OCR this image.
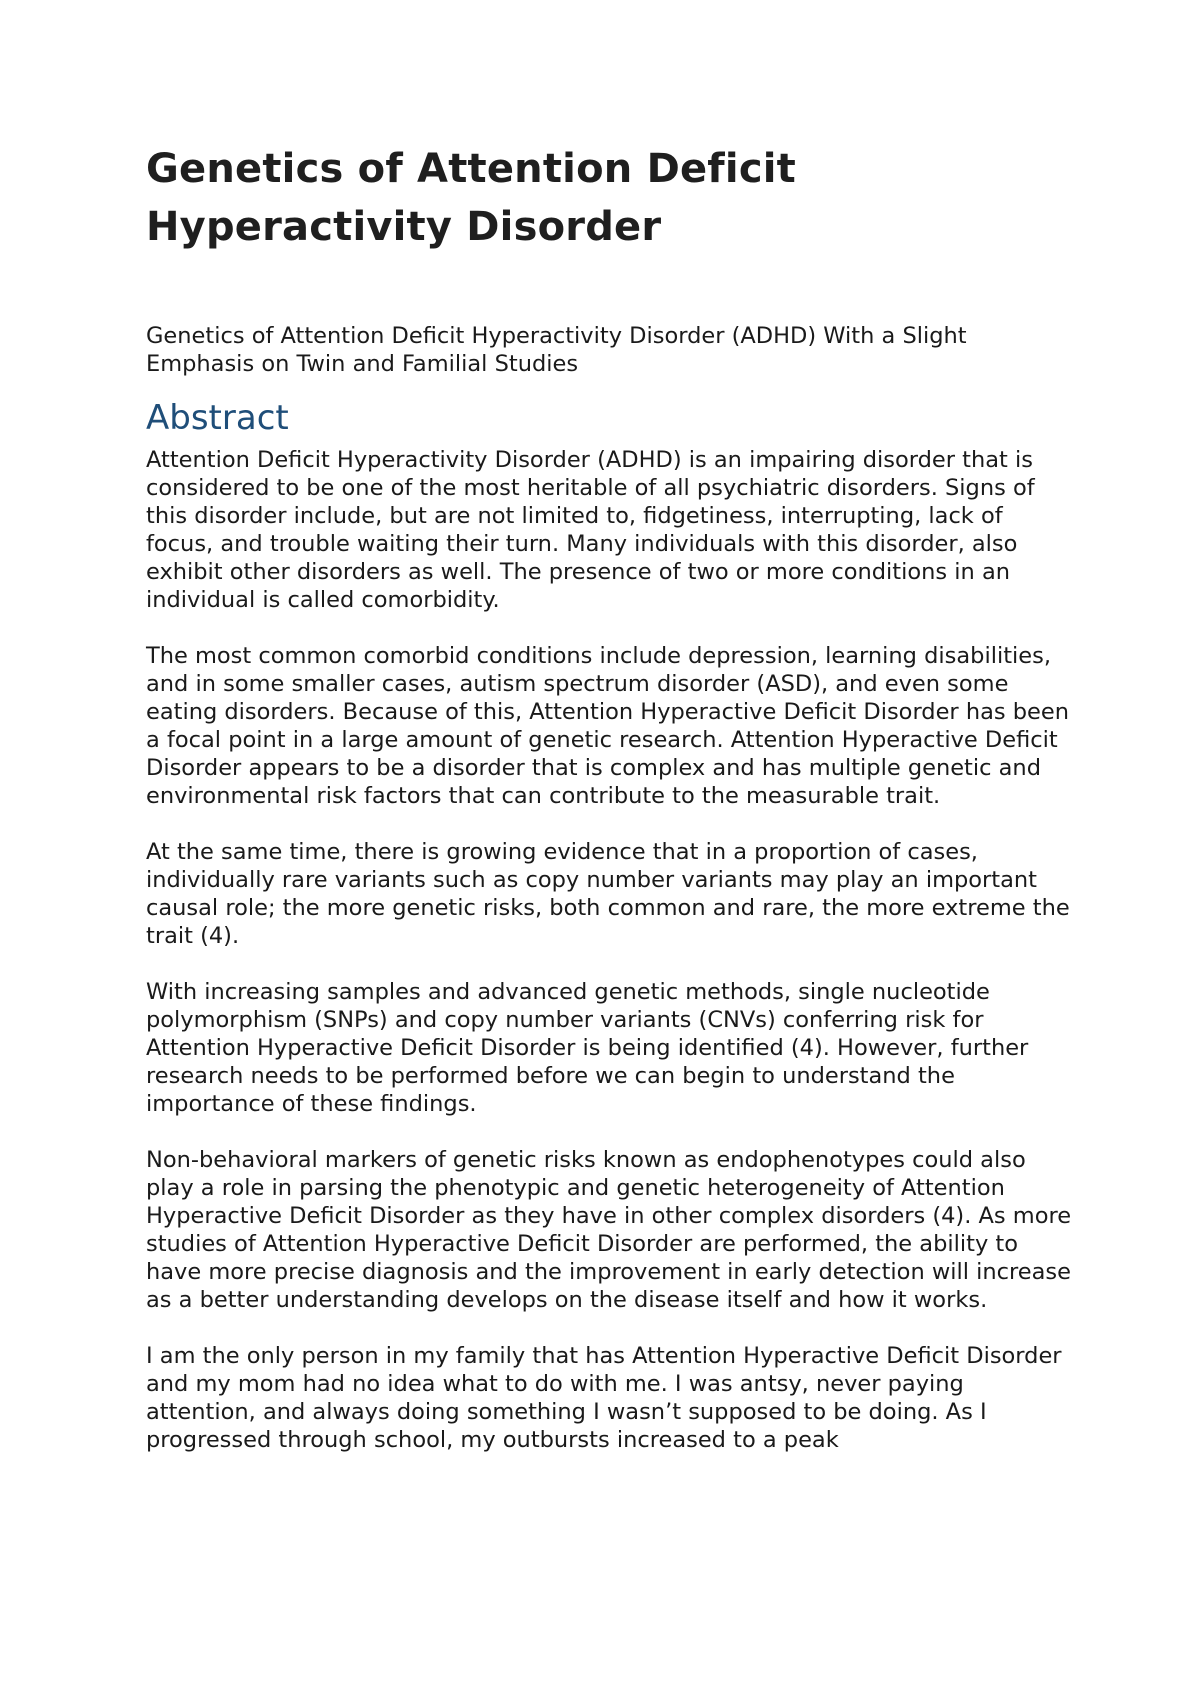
Genetics of Attention Deficit
Hyperactivity Disorder

Genetics of Attention Deficit Hyperactivity Disorder (ADHD) With a Slight Emphasis on Twin and Familial Studies

Abstract

Attention Deficit Hyperactivity Disorder (ADHD) is an impairing disorder that is considered to be one of the most heritable of all psychiatric disorders. Signs of this disorder include, but are not limited to, fidgetiness, interrupting, lack of focus, and trouble waiting their turn. Many individuals with this disorder, also exhibit other disorders as well. The presence of two or more conditions in an individual is called comorbidity.

The most common comorbid conditions include depression, learning disabilities, and in some smaller cases, autism spectrum disorder (ASD), and even some eating disorders. Because of this, Attention Hyperactive Deficit Disorder has been a focal point in a large amount of genetic research. Attention Hyperactive Deficit Disorder appears to be a disorder that is complex and has multiple genetic and environmental risk factors that can contribute to the measurable trait.

At the same time, there is growing evidence that in a proportion of cases, individually rare variants such as copy number variants may play an important causal role; the more genetic risks, both common and rare, the more extreme the trait (4).

With increasing samples and advanced genetic methods, single nucleotide polymorphism (SNPs) and copy number variants (CNVs) conferring risk for Attention Hyperactive Deficit Disorder is being identified (4). However, further research needs to be performed before we can begin to understand the importance of these findings.

Non-behavioral markers of genetic risks known as endophenotypes could also play a role in parsing the phenotypic and genetic heterogeneity of Attention Hyperactive Deficit Disorder as they have in other complex disorders (4). As more studies of Attention Hyperactive Deficit Disorder are performed, the ability to have more precise diagnosis and the improvement in early detection will increase as a better understanding develops on the disease itself and how it works.

I am the only person in my family that has Attention Hyperactive Deficit Disorder and my mom had no idea what to do with me. I was antsy, never paying attention, and always doing something I wasn’t supposed to be doing. As I progressed through school, my outbursts increased to a peak
